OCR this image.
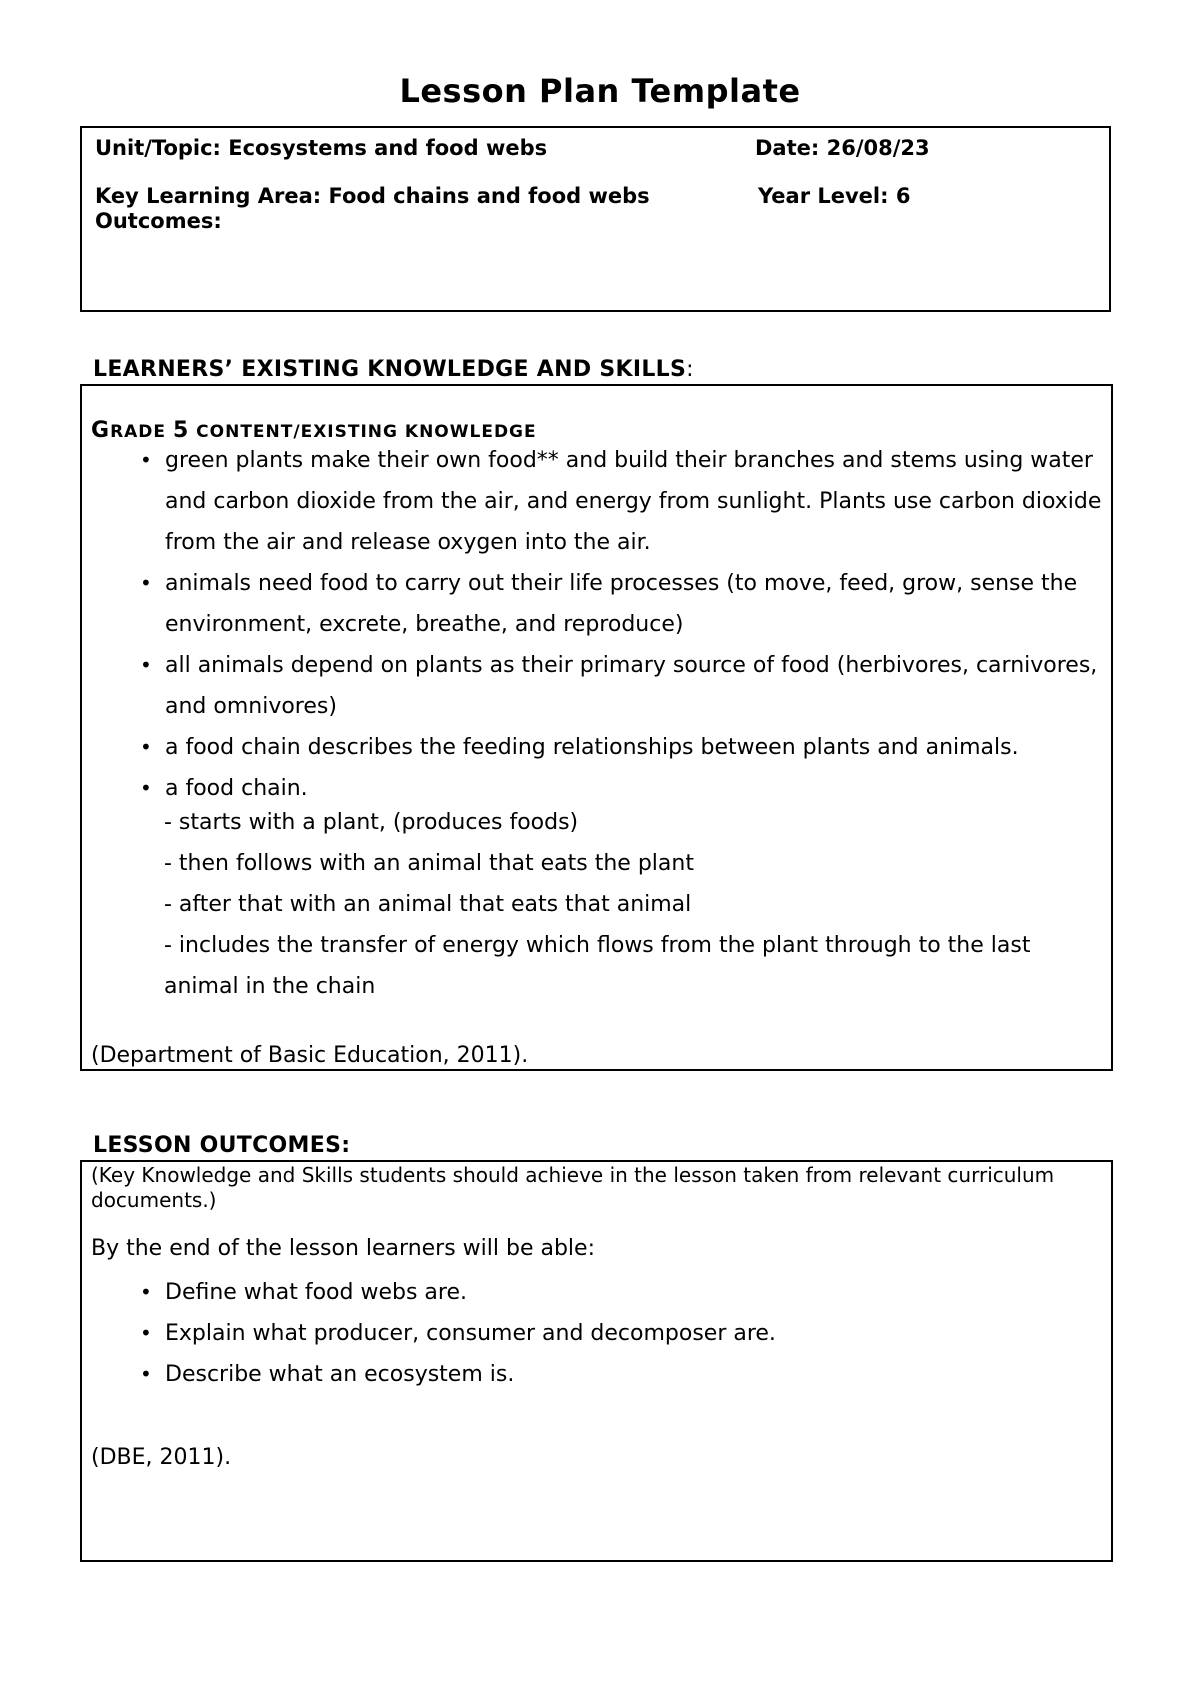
Lesson Plan Template
Unit/Topic: Ecosystems and food webs	Date: 26/08/23
Key Learning Area: Food chains and food webs	Year Level: 6
Outcomes:
LEARNERS’ EXISTING KNOWLEDGE AND SKILLS:
GRADE 5 CONTENT/EXISTING KNOWLEDGE
• green plants make their own food** and build their branches and stems using water and carbon dioxide from the air, and energy from sunlight. Plants use carbon dioxide from the air and release oxygen into the air.
• animals need food to carry out their life processes (to move, feed, grow, sense the environment, excrete, breathe, and reproduce)
• all animals depend on plants as their primary source of food (herbivores, carnivores, and omnivores)
• a food chain describes the feeding relationships between plants and animals.
• a food chain.
- starts with a plant, (produces foods)
- then follows with an animal that eats the plant
- after that with an animal that eats that animal
- includes the transfer of energy which flows from the plant through to the last
animal in the chain
(Department of Basic Education, 2011).
LESSON OUTCOMES:
(Key Knowledge and Skills students should achieve in the lesson taken from relevant curriculum documents.)
By the end of the lesson learners will be able:
• Define what food webs are.
• Explain what producer, consumer and decomposer are.
• Describe what an ecosystem is.
(DBE, 2011).
